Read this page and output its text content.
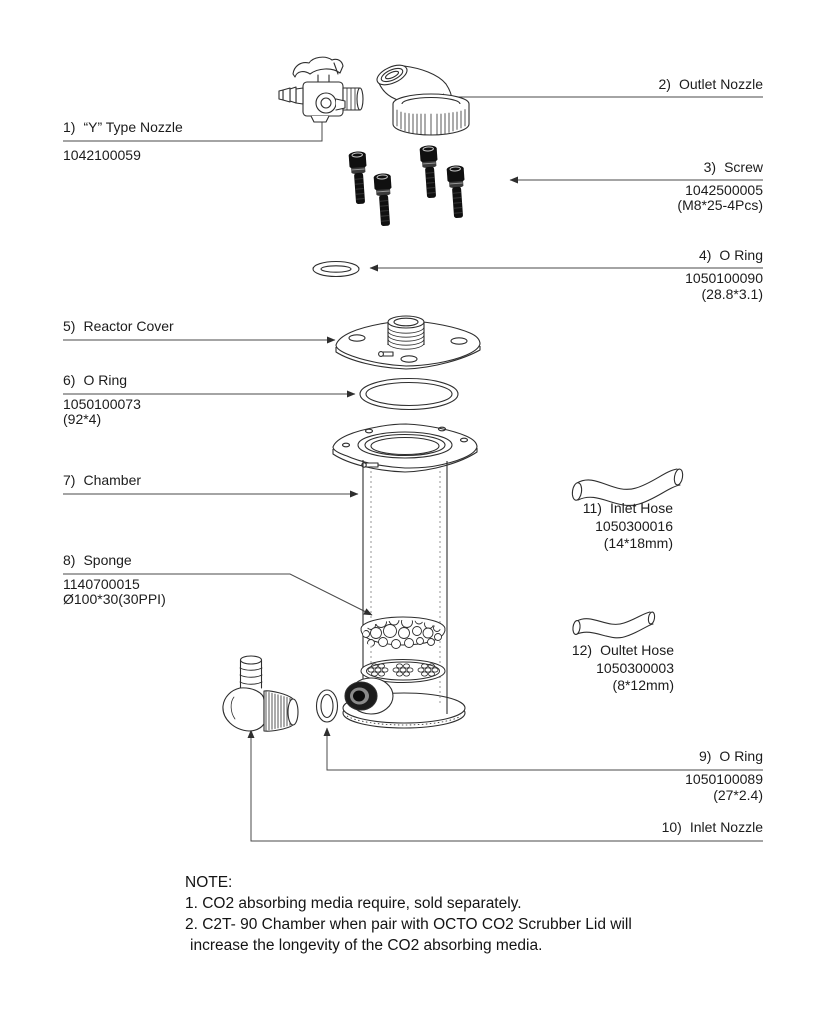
1) “Y” Type Nozzle
1042100059
2) Outlet Nozzle
3) Screw
1042500005
(M8*25-4Pcs)
4) O Ring
1050100090
(28.8*3.1)
5) Reactor Cover
6) O Ring
1050100073
(92*4)
7) Chamber
8) Sponge
1140700015
Ø100*30(30PPI)
9) O Ring
1050100089
(27*2.4)
10) Inlet Nozzle
11) Inlet Hose
1050300016
(14*18mm)
12) Oultet Hose
1050300003
(8*12mm)
NOTE:
1. CO2 absorbing media require, sold separately.
2. C2T- 90 Chamber when pair with OCTO CO2 Scrubber Lid will
increase the longevity of the CO2 absorbing media.
